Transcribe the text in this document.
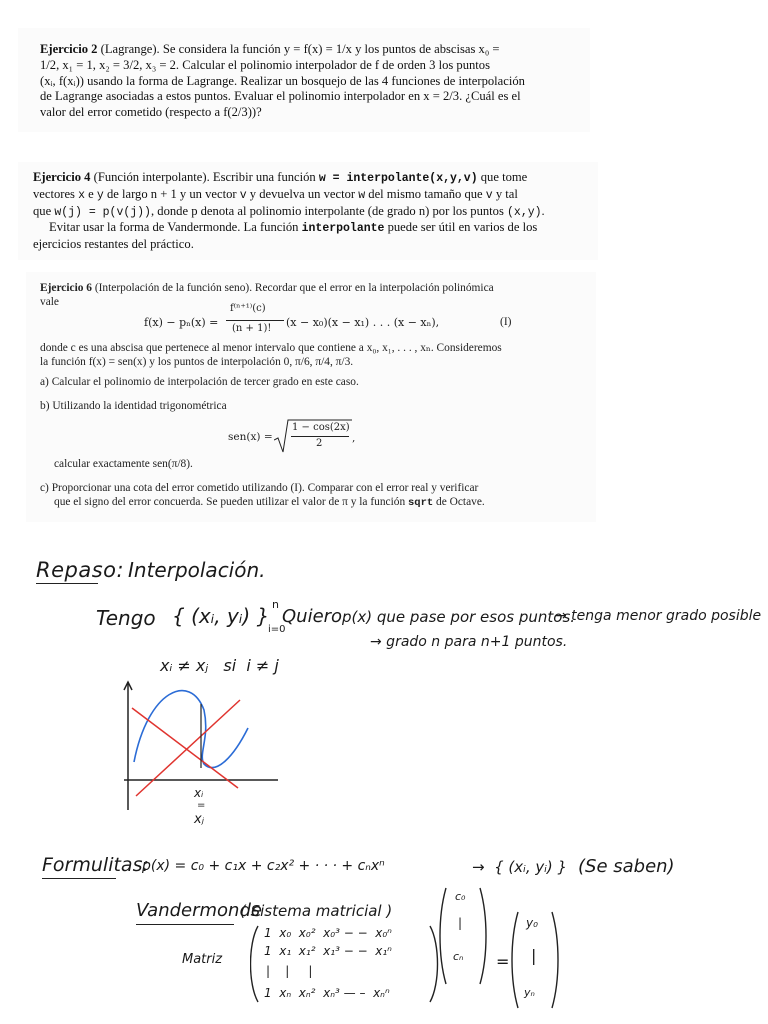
Ejercicio 2 (Lagrange). Se considera la función y = f(x) = 1/x y los puntos de abscisas x₀ =
1/2, x₁ = 1, x₂ = 3/2, x₃ = 2. Calcular el polinomio interpolador de f de orden 3 los puntos
(xᵢ, f(xᵢ)) usando la forma de Lagrange. Realizar un bosquejo de las 4 funciones de interpolación
de Lagrange asociadas a estos puntos. Evaluar el polinomio interpolador en x = 2/3. ¿Cuál es el
valor del error cometido (respecto a f(2/3))?
Ejercicio 4 (Función interpolante). Escribir una función w = interpolante(x,y,v) que tome
vectores x e y de largo n + 1 y un vector v y devuelva un vector w del mismo tamaño que v y tal
que w(j) = p(v(j)), donde p denota al polinomio interpolante (de grado n) por los puntos (x,y).
Evitar usar la forma de Vandermonde. La función interpolante puede ser útil en varios de los
ejercicios restantes del práctico.
Ejercicio 6 (Interpolación de la función seno). Recordar que el error en la interpolación polinómica
vale
f(x) − pₙ(x) =
f⁽ⁿ⁺¹⁾(c)
(n + 1)! (x − x₀)(x − x₁) . . . (x − xₙ),	(I)
donde c es una abscisa que pertenece al menor intervalo que contiene a x₀, x₁, . . . , xₙ. Consideremos
la función f(x) = sen(x) y los puntos de interpolación 0, π/6, π/4, π/3.
a) Calcular el polinomio de interpolación de tercer grado en este caso.
b) Utilizando la identidad trigonométrica
sen(x) =
1 − cos(2x)
2	,
calcular exactamente sen(π/8).
c) Proporcionar una cota del error cometido utilizando (I). Comparar con el error real y verificar
que el signo del error concuerda. Se pueden utilizar el valor de π y la función sqrt de Octave.
Repaso: Interpolación.
Tengo { (xᵢ, yᵢ) } n
i=0
Quiero p(x) que pase por esos puntos.
→ tenga menor grado posible
→ grado n para n+1 puntos.
xᵢ ≠ xⱼ   si  i ≠ j
xᵢ
=
xⱼ
Formulitas:
p(x) = c₀ + c₁x + c₂x² + · · · + cₙxⁿ	→  { (xᵢ, yᵢ) } (Se saben)
Vandermonde
( Sistema matricial )
Matriz
1  x₀  x₀²  x₀³ − −  x₀ⁿ
1  x₁  x₁²  x₁³ − −  x₁ⁿ
|    |     |
1  xₙ  xₙ²  xₙ³ — –  xₙⁿ
c₀
|
cₙ =
y₀
|
yₙ
